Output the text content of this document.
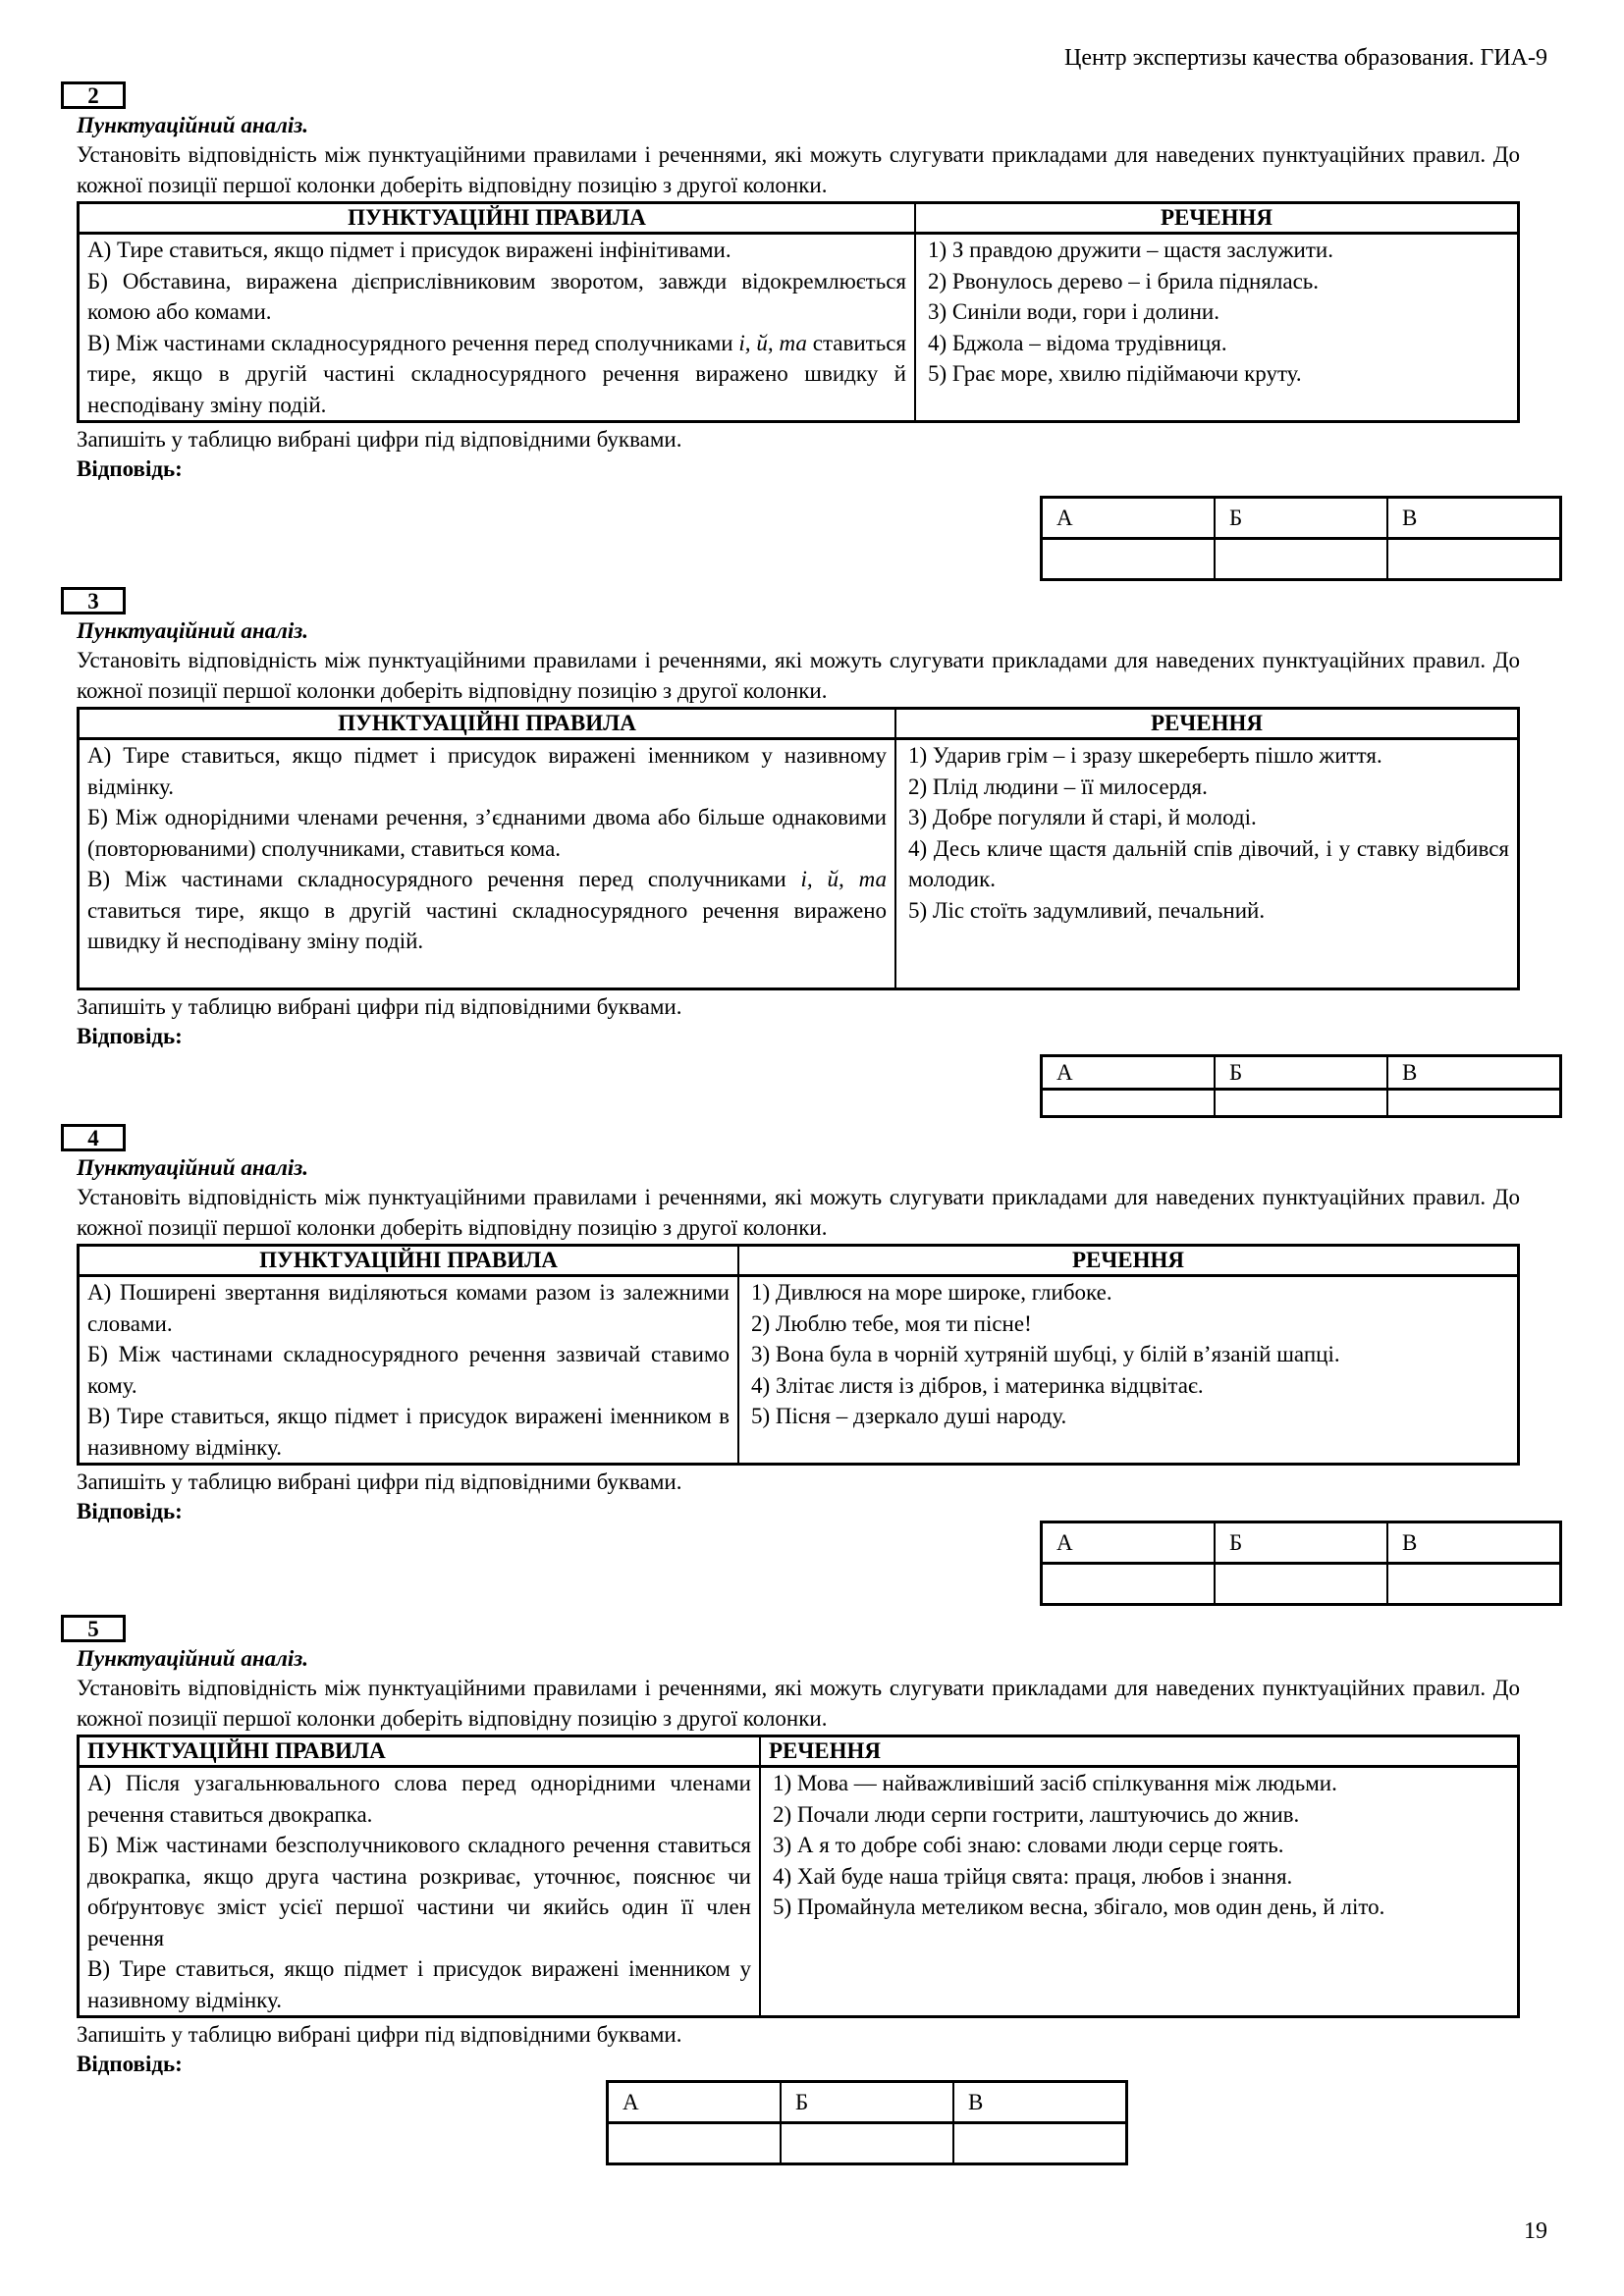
Центр экспертизы качества образования. ГИА-9
2
Пунктуаційний аналіз.
Установіть відповідність між пунктуаційними правилами і реченнями, які можуть слугувати прикладами для наведених пунктуаційних правил. До кожної позиції першої колонки доберіть відповідну позицію з другої колонки.
ПУНКТУАЦІЙНІ ПРАВИЛА	РЕЧЕННЯ

А) Тире ставиться, якщо підмет і присудок виражені інфінітивами.
Б) Обставина, виражена дієприслівниковим зворотом, завжди відокремлюється комою або комами.
В) Між частинами складносурядного речення перед сполучниками і, й, та ставиться тире, якщо в другій частині складносурядного речення виражено швидку й несподівану зміну подій.

1) З правдою дружити – щастя заслужити.
2) Рвонулось дерево – і брила піднялась.
3) Синіли води, гори і долини.
4) Бджола – відома трудівниця.
5) Грає море, хвилю підіймаючи круту.
Запишіть у таблицю вибрані цифри під відповідними буквами.
Відповідь:
А	Б	В

3
Пунктуаційний аналіз.
Установіть відповідність між пунктуаційними правилами і реченнями, які можуть слугувати прикладами для наведених пунктуаційних правил. До кожної позиції першої колонки доберіть відповідну позицію з другої колонки.
ПУНКТУАЦІЙНІ ПРАВИЛА	РЕЧЕННЯ

А) Тире ставиться, якщо підмет і присудок виражені іменником у називному відмінку.
Б) Між однорідними членами речення, з’єднаними двома або більше однаковими (повторюваними) сполучниками, ставиться кома.
В) Між частинами складносурядного речення перед сполучниками і, й, та ставиться тире, якщо в другій частині складносурядного речення виражено швидку й несподівану зміну подій.

1) Ударив грім – і зразу шкереберть пішло життя.
2) Плід людини – її милосердя.
3) Добре погуляли й старі, й молоді.
4) Десь кличе щастя дальній спів дівочий, і у ставку відбився молодик.
5) Ліс стоїть задумливий, печальний.
Запишіть у таблицю вибрані цифри під відповідними буквами.
Відповідь:
А	Б	В

4
Пунктуаційний аналіз.
Установіть відповідність між пунктуаційними правилами і реченнями, які можуть слугувати прикладами для наведених пунктуаційних правил. До кожної позиції першої колонки доберіть відповідну позицію з другої колонки.
ПУНКТУАЦІЙНІ ПРАВИЛА	РЕЧЕННЯ

А) Поширені звертання виділяються комами разом із залежними словами.
Б) Між частинами складносурядного речення зазвичай ставимо кому.
В) Тире ставиться, якщо підмет і присудок виражені іменником в називному відмінку.

1) Дивлюся на море широке, глибоке.
2) Люблю тебе, моя ти пісне!
3) Вона була в чорній хутряній шубці, у білій в’язаній шапці.
4) Злітає листя із дібров, і материнка відцвітає.
5) Пісня – дзеркало душі народу.
Запишіть у таблицю вибрані цифри під відповідними буквами.
Відповідь:
А	Б	В

5
Пунктуаційний аналіз.
Установіть відповідність між пунктуаційними правилами і реченнями, які можуть слугувати прикладами для наведених пунктуаційних правил. До кожної позиції першої колонки доберіть відповідну позицію з другої колонки.
ПУНКТУАЦІЙНІ ПРАВИЛА	РЕЧЕННЯ

А) Після узагальнювального слова перед однорідними членами речення ставиться двокрапка.
Б) Між частинами безсполучникового складного речення ставиться двокрапка, якщо друга частина розкриває, уточнює, пояснює чи обґрунтовує зміст усієї першої частини чи якийсь один її член речення
В) Тире ставиться, якщо підмет і присудок виражені іменником у називному відмінку.

1) Мова — найважливіший засіб спілкування між людьми.
2) Почали люди серпи гострити, лаштуючись до жнив.
3) А я то добре собі знаю: словами люди серце гоять.
4) Хай буде наша трійця свята: праця, любов і знання.
5) Промайнула метеликом весна, збігало, мов один день, й літо.
Запишіть у таблицю вибрані цифри під відповідними буквами.
Відповідь:
А	Б	В

19
